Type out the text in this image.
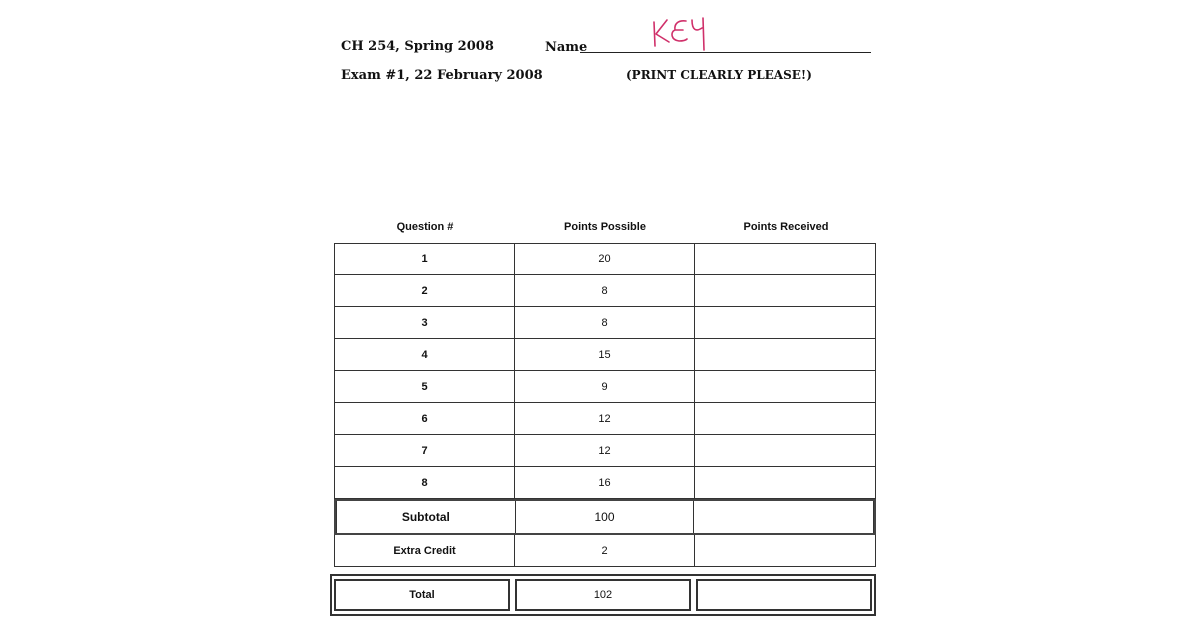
CH 254, Spring 2008
Exam #1, 22 February 2008
Name
(PRINT CLEARLY PLEASE!)
Question #	Points Possible	Points Received
1	20
2	8
3	8
4	15
5	9
6	12
7	12
8	16
Subtotal	100
Extra Credit	2
Total	102
